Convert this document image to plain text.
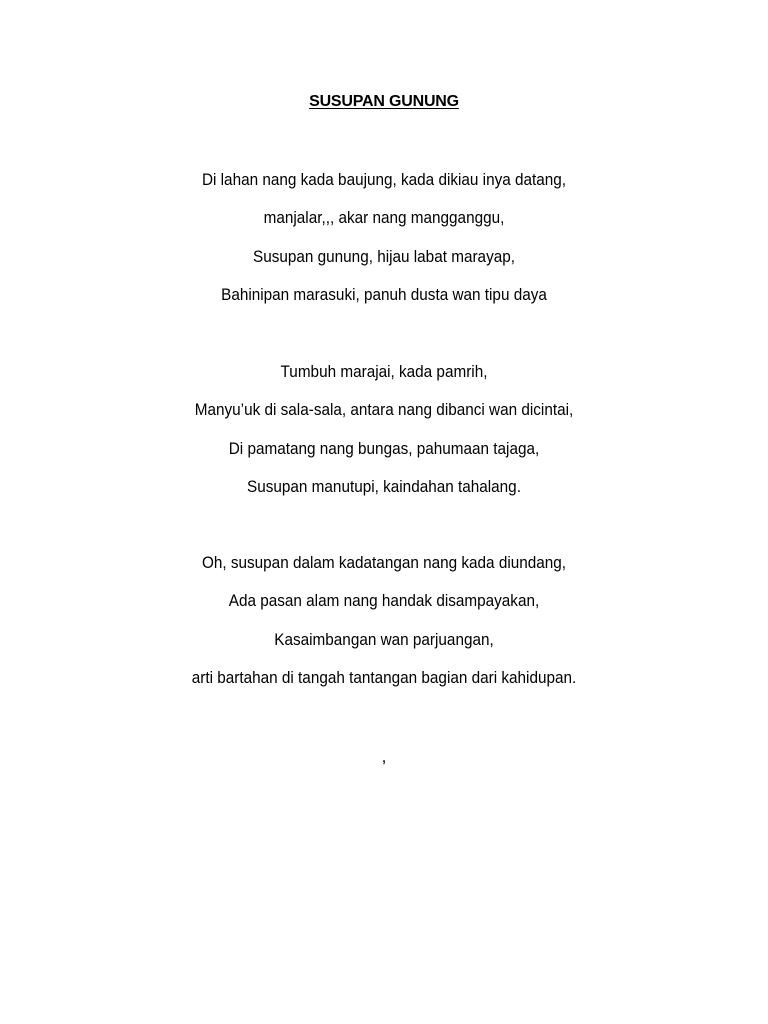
SUSUPAN GUNUNG
Di lahan nang kada baujung, kada dikiau inya datang,
manjalar,,, akar nang mangganggu,
Susupan gunung, hijau labat marayap,
Bahinipan marasuki, panuh dusta wan tipu daya
Tumbuh marajai, kada pamrih,
Manyu’uk di sala-sala, antara nang dibanci wan dicintai,
Di pamatang nang bungas, pahumaan tajaga,
Susupan manutupi, kaindahan tahalang.
Oh, susupan dalam kadatangan nang kada diundang,
Ada pasan alam nang handak disampayakan,
Kasaimbangan wan parjuangan,
arti bartahan di tangah tantangan bagian dari kahidupan.
,
